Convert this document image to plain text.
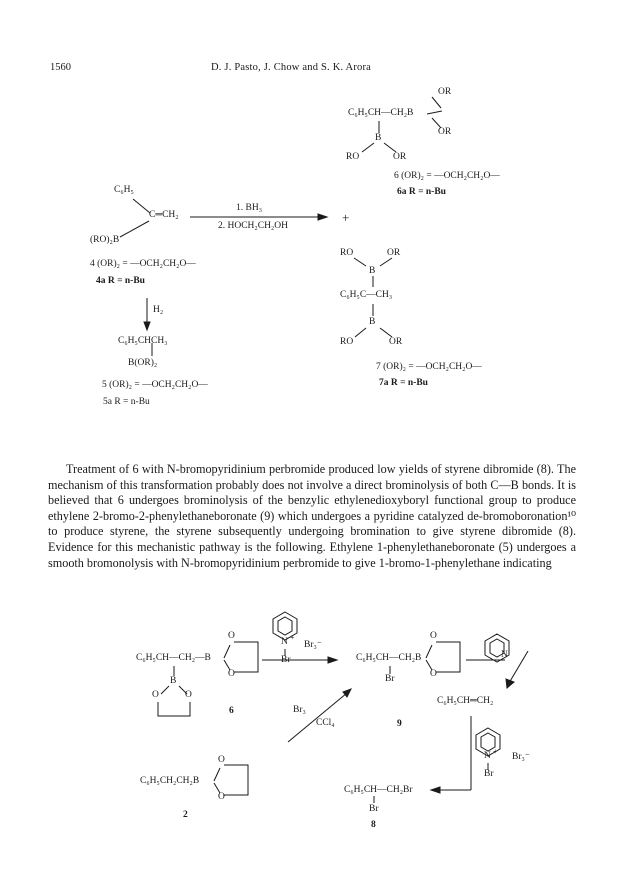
1560	D. J. Pasto, J. Chow and S. K. Arora
C₆H₅
C═CH₂
(RO)₂B
4 (OR)₂ = —OCH₂CH₂O—
4a R = n-Bu
1. BH₃
2. HOCH₂CH₂OH
+
H₂
C₆H₅CHCH₃
B(OR)₂
5 (OR)₂ = —OCH₂CH₂O—
5a R = n-Bu
OR
C₆H₅CH—CH₂B
OR
B
RO	OR
6 (OR)₂ = —OCH₂CH₂O—
6a R = n-Bu
RO	OR
B
C₆H₅C—CH₃
B
RO	OR
7 (OR)₂ = —OCH₂CH₂O—
7a R = n-Bu

Treatment of 6 with N-bromopyridinium perbromide produced low yields of styrene dibromide (8). The mechanism of this transformation probably does not involve a direct brominolysis of both C—B bonds. It is believed that 6 undergoes brominolysis of the benzylic ethylenedioxyboryl functional group to produce ethylene 2-bromo-2-phenylethaneboronate (9) which undergoes a pyridine catalyzed de-bromoboronation¹⁰ to produce styrene, the styrene subsequently undergoing bromination to give styrene dibromide (8). Evidence for this mechanistic pathway is the following. Ethylene 1-phenylethaneboronate (5) undergoes a smooth bromonolysis with N-bromopyridinium perbromide to give 1-bromo-1-phenylethane indicating

N +
Br
Br₃⁻
O
C₆H₅CH—CH₂—B
O
B
O	O
6
O
C₆H₅CH—CH₂B
O
Br
9
N
C₆H₅CH═CH₂
Br₃
CCl₄
N +
Br
Br₃⁻
O
C₆H₅CH₂CH₂B
O
2
C₆H₅CH—CH₂Br
Br
8
